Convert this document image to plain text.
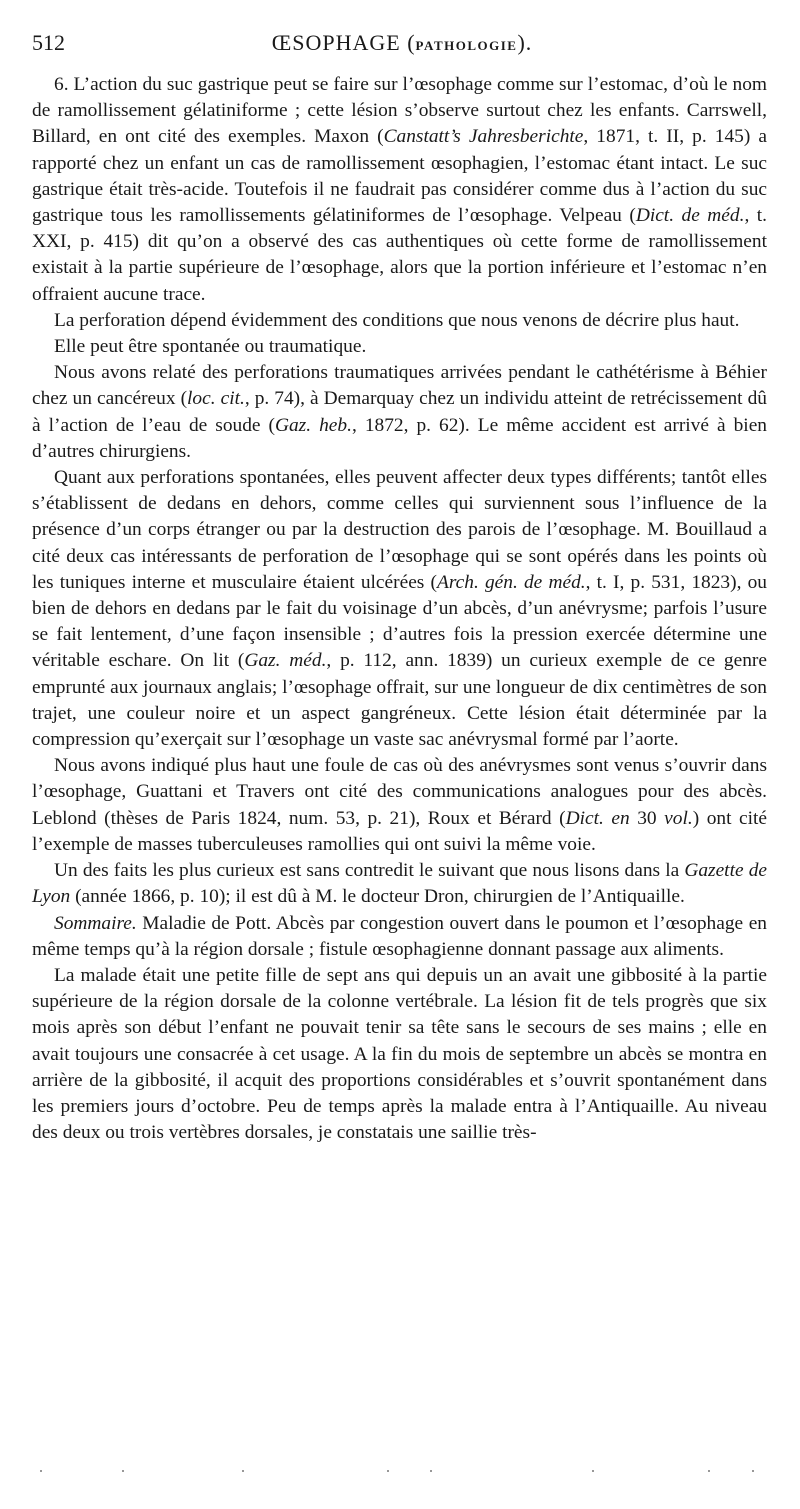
512	ŒSOPHAGE (PATHOLOGIE).

6. L’action du suc gastrique peut se faire sur l’œsophage comme sur l’estomac, d’où le nom de ramollissement gélatiniforme ; cette lésion s’observe surtout chez les enfants. Carrswell, Billard, en ont cité des exemples. Maxon (Canstatt’s Jahresberichte, 1871, t. II, p. 145) a rapporté chez un enfant un cas de ramollissement œsophagien, l’estomac étant intact. Le suc gastrique était très-acide. Toutefois il ne faudrait pas considérer comme dus à l’action du suc gastrique tous les ramollissements gélatiniformes de l’œsophage. Velpeau (Dict. de méd., t. XXI, p. 415) dit qu’on a observé des cas authentiques où cette forme de ramollissement existait à la partie supérieure de l’œsophage, alors que la portion inférieure et l’estomac n’en offraient aucune trace.

La perforation dépend évidemment des conditions que nous venons de décrire plus haut.

Elle peut être spontanée ou traumatique.

Nous avons relaté des perforations traumatiques arrivées pendant le cathétérisme à Béhier chez un cancéreux (loc. cit., p. 74), à Demarquay chez un individu atteint de retrécissement dû à l’action de l’eau de soude (Gaz. heb., 1872, p. 62). Le même accident est arrivé à bien d’autres chirurgiens.

Quant aux perforations spontanées, elles peuvent affecter deux types différents; tantôt elles s’établissent de dedans en dehors, comme celles qui surviennent sous l’influence de la présence d’un corps étranger ou par la destruction des parois de l’œsophage. M. Bouillaud a cité deux cas intéressants de perforation de l’œsophage qui se sont opérés dans les points où les tuniques interne et musculaire étaient ulcérées (Arch. gén. de méd., t. I, p. 531, 1823), ou bien de dehors en dedans par le fait du voisinage d’un abcès, d’un anévrysme; parfois l’usure se fait lentement, d’une façon insensible ; d’autres fois la pression exercée détermine une véritable eschare. On lit (Gaz. méd., p. 112, ann. 1839) un curieux exemple de ce genre emprunté aux journaux anglais; l’œsophage offrait, sur une longueur de dix centimètres de son trajet, une couleur noire et un aspect gangréneux. Cette lésion était déterminée par la compression qu’exerçait sur l’œsophage un vaste sac anévrysmal formé par l’aorte.

Nous avons indiqué plus haut une foule de cas où des anévrysmes sont venus s’ouvrir dans l’œsophage, Guattani et Travers ont cité des communications analogues pour des abcès. Leblond (thèses de Paris 1824, num. 53, p. 21), Roux et Bérard (Dict. en 30 vol.) ont cité l’exemple de masses tuberculeuses ramollies qui ont suivi la même voie.

Un des faits les plus curieux est sans contredit le suivant que nous lisons dans la Gazette de Lyon (année 1866, p. 10); il est dû à M. le docteur Dron, chirurgien de l’Antiquaille.

Sommaire. Maladie de Pott. Abcès par congestion ouvert dans le poumon et l’œsophage en même temps qu’à la région dorsale ; fistule œsophagienne donnant passage aux aliments.

La malade était une petite fille de sept ans qui depuis un an avait une gibbosité à la partie supérieure de la région dorsale de la colonne vertébrale. La lésion fit de tels progrès que six mois après son début l’enfant ne pouvait tenir sa tête sans le secours de ses mains ; elle en avait toujours une consacrée à cet usage. A la fin du mois de septembre un abcès se montra en arrière de la gibbosité, il acquit des proportions considérables et s’ouvrit spontanément dans les premiers jours d’octobre. Peu de temps après la malade entra à l’Antiquaille. Au niveau des deux ou trois vertèbres dorsales, je constatais une saillie très-
